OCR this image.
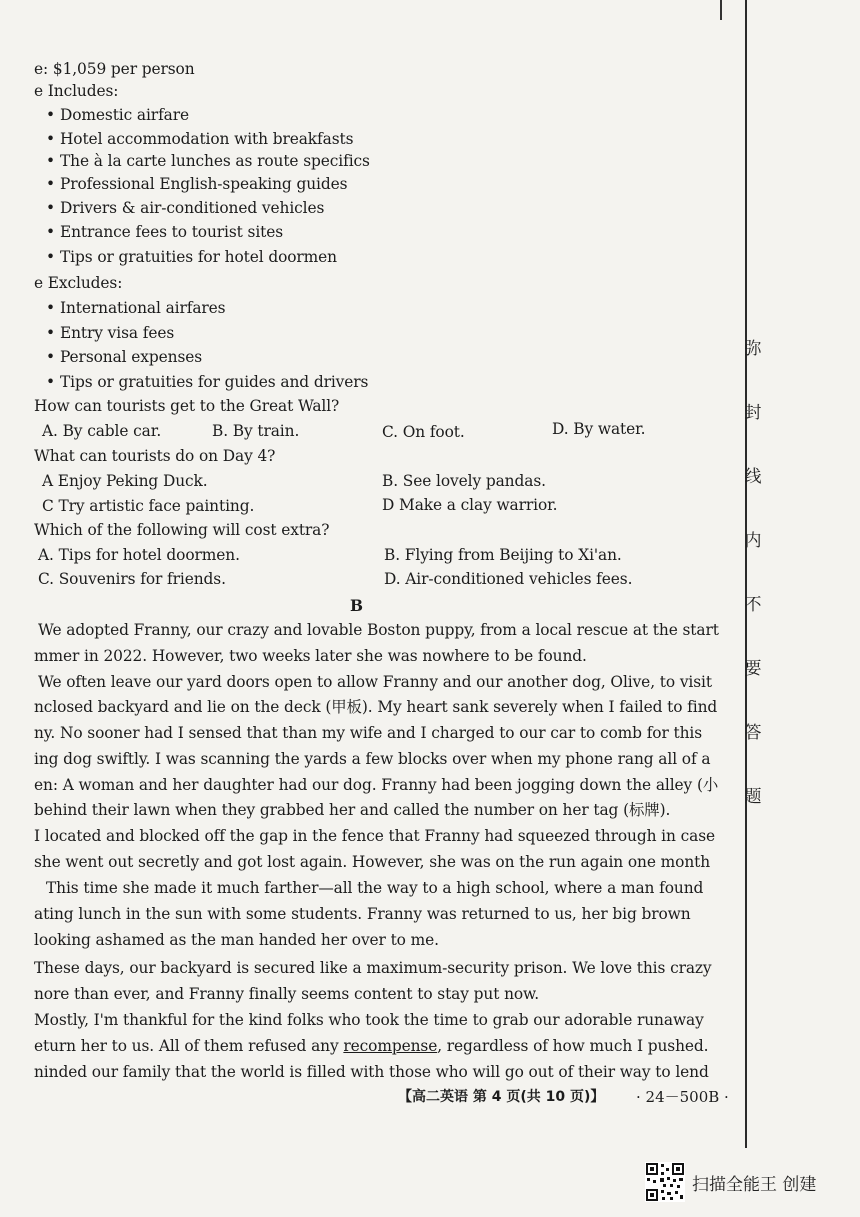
e: $1,059 per person
e Includes:
• Domestic airfare
• Hotel accommodation with breakfasts
• The à la carte lunches as route specifics
• Professional English-speaking guides
• Drivers & air-conditioned vehicles
• Entrance fees to tourist sites
• Tips or gratuities for hotel doormen
e Excludes:
• International airfares
• Entry visa fees
• Personal expenses
• Tips or gratuities for guides and drivers
How can tourists get to the Great Wall?
A. By cable car.	B. By train.	C. On foot.	D. By water.
What can tourists do on Day 4?
A Enjoy Peking Duck.	B. See lovely pandas.
C Try artistic face painting.	D Make a clay warrior.
Which of the following will cost extra?
A. Tips for hotel doormen.	B. Flying from Beijing to Xi'an.
C. Souvenirs for friends.	D. Air-conditioned vehicles fees.
B
We adopted Franny, our crazy and lovable Boston puppy, from a local rescue at the start
mmer in 2022. However, two weeks later she was nowhere to be found.
We often leave our yard doors open to allow Franny and our another dog, Olive, to visit
nclosed backyard and lie on the deck (甲板). My heart sank severely when I failed to find
ny. No sooner had I sensed that than my wife and I charged to our car to comb for this
ing dog swiftly. I was scanning the yards a few blocks over when my phone rang all of a
en: A woman and her daughter had our dog. Franny had been jogging down the alley (小
behind their lawn when they grabbed her and called the number on her tag (标牌).
I located and blocked off the gap in the fence that Franny had squeezed through in case
she went out secretly and got lost again. However, she was on the run again one month
This time she made it much farther—all the way to a high school, where a man found
ating lunch in the sun with some students. Franny was returned to us, her big brown
looking ashamed as the man handed her over to me.
These days, our backyard is secured like a maximum-security prison. We love this crazy
nore than ever, and Franny finally seems content to stay put now.
Mostly, I'm thankful for the kind folks who took the time to grab our adorable runaway
eturn her to us. All of them refused any recompense, regardless of how much I pushed.
ninded our family that the world is filled with those who will go out of their way to lend
【高二英语 第 4 页(共 10 页)】 · 24－500B ·
弥
封
线
内
不
要
答
题
扫描全能王 创建
